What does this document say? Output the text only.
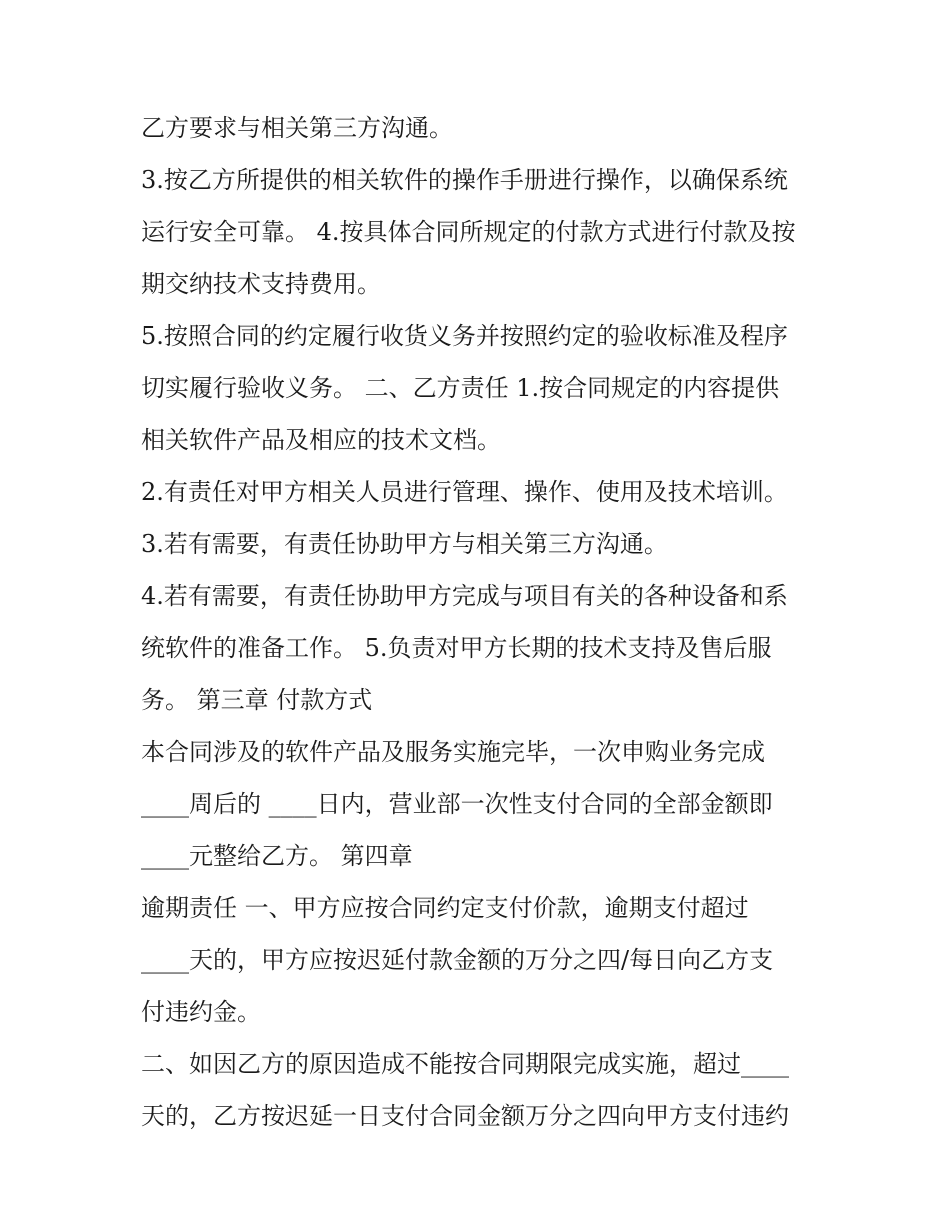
乙方要求与相关第三方沟通。
3.按乙方所提供的相关软件的操作手册进行操作，以确保系统
运行安全可靠。 4.按具体合同所规定的付款方式进行付款及按
期交纳技术支持费用。
5.按照合同的约定履行收货义务并按照约定的验收标准及程序
切实履行验收义务。 二、乙方责任 1.按合同规定的内容提供
相关软件产品及相应的技术文档。
2.有责任对甲方相关人员进行管理、操作、使用及技术培训。
3.若有需要，有责任协助甲方与相关第三方沟通。
4.若有需要，有责任协助甲方完成与项目有关的各种设备和系
统软件的准备工作。 5.负责对甲方长期的技术支持及售后服
务。 第三章 付款方式
本合同涉及的软件产品及服务实施完毕，一次申购业务完成
____周后的 ____日内，营业部一次性支付合同的全部金额即
____元整给乙方。 第四章
逾期责任 一、甲方应按合同约定支付价款，逾期支付超过
____天的，甲方应按迟延付款金额的万分之四/每日向乙方支
付违约金。
二、如因乙方的原因造成不能按合同期限完成实施，超过____
天的，乙方按迟延一日支付合同金额万分之四向甲方支付违约
